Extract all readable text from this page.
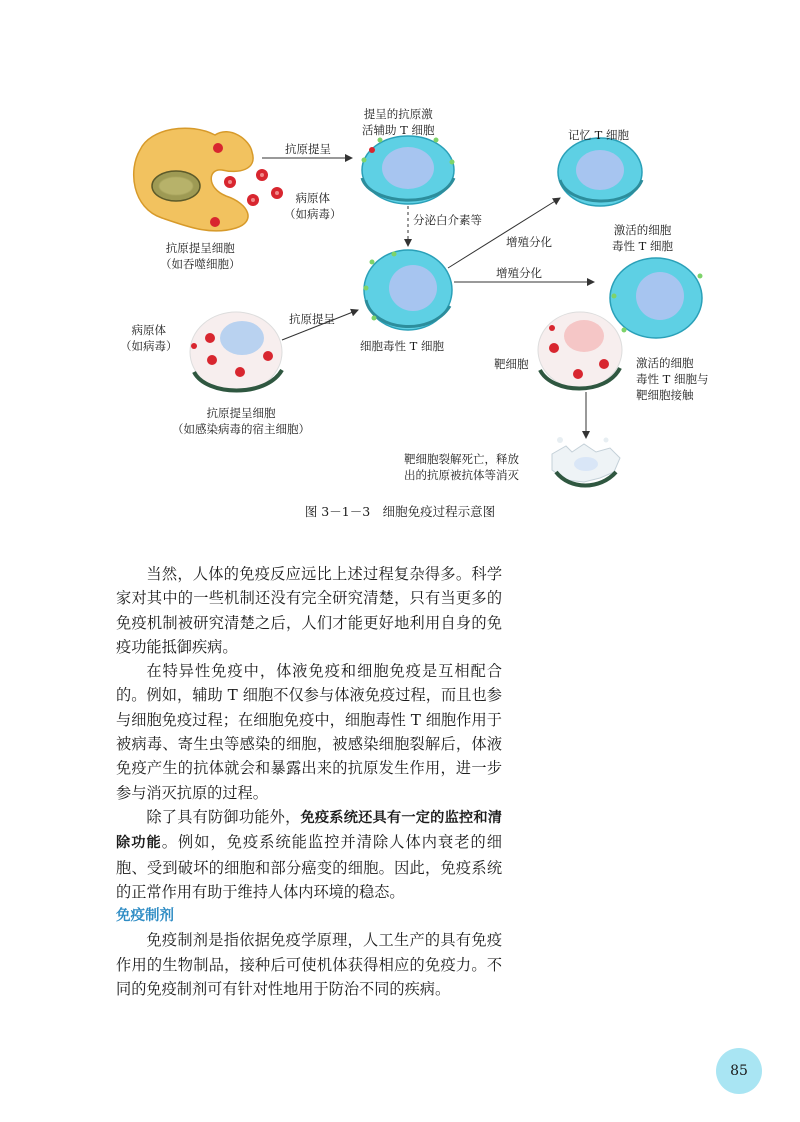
抗原提呈细胞
（如吞噬细胞）
病原体
（如病毒）
抗原提呈
提呈的抗原激
活辅助 T 细胞
分泌白介素等
记忆 T 细胞
增殖分化
增殖分化
激活的细胞
毒性 T 细胞
细胞毒性 T 细胞
病原体
（如病毒）
抗原提呈
抗原提呈细胞
（如感染病毒的宿主细胞）
靶细胞	激活的细胞
毒性 T 细胞与
靶细胞接触
靶细胞裂解死亡，释放
出的抗原被抗体等消灭
图 3－1－3　细胞免疫过程示意图

当然，人体的免疫反应远比上述过程复杂得多。科学家对其中的一些机制还没有完全研究清楚，只有当更多的免疫机制被研究清楚之后，人们才能更好地利用自身的免疫功能抵御疾病。

在特异性免疫中，体液免疫和细胞免疫是互相配合的。例如，辅助 T 细胞不仅参与体液免疫过程，而且也参与细胞免疫过程；在细胞免疫中，细胞毒性 T 细胞作用于被病毒、寄生虫等感染的细胞，被感染细胞裂解后，体液免疫产生的抗体就会和暴露出来的抗原发生作用，进一步参与消灭抗原的过程。

除了具有防御功能外，免疫系统还具有一定的监控和清除功能。例如，免疫系统能监控并清除人体内衰老的细胞、受到破坏的细胞和部分癌变的细胞。因此，免疫系统的正常作用有助于维持人体内环境的稳态。

免疫制剂

免疫制剂是指依据免疫学原理，人工生产的具有免疫作用的生物制品，接种后可使机体获得相应的免疫力。不同的免疫制剂可有针对性地用于防治不同的疾病。

85
